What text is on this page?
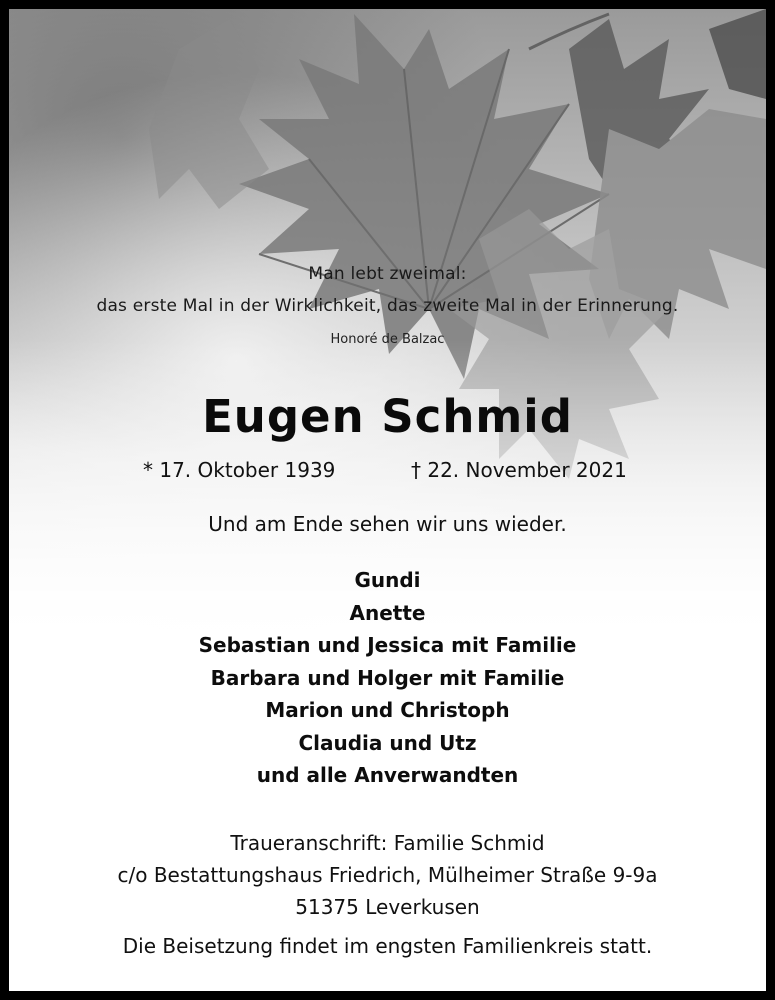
Man lebt zweimal:
das erste Mal in der Wirklichkeit, das zweite Mal in der Erinnerung.
Honoré de Balzac
Eugen Schmid
* 17. Oktober 1939	† 22. November 2021
Und am Ende sehen wir uns wieder.
Gundi
Anette
Sebastian und Jessica mit Familie
Barbara und Holger mit Familie
Marion und Christoph
Claudia und Utz
und alle Anverwandten
Traueranschrift: Familie Schmid
c/o Bestattungshaus Friedrich, Mülheimer Straße 9-9a
51375 Leverkusen
Die Beisetzung findet im engsten Familienkreis statt.
